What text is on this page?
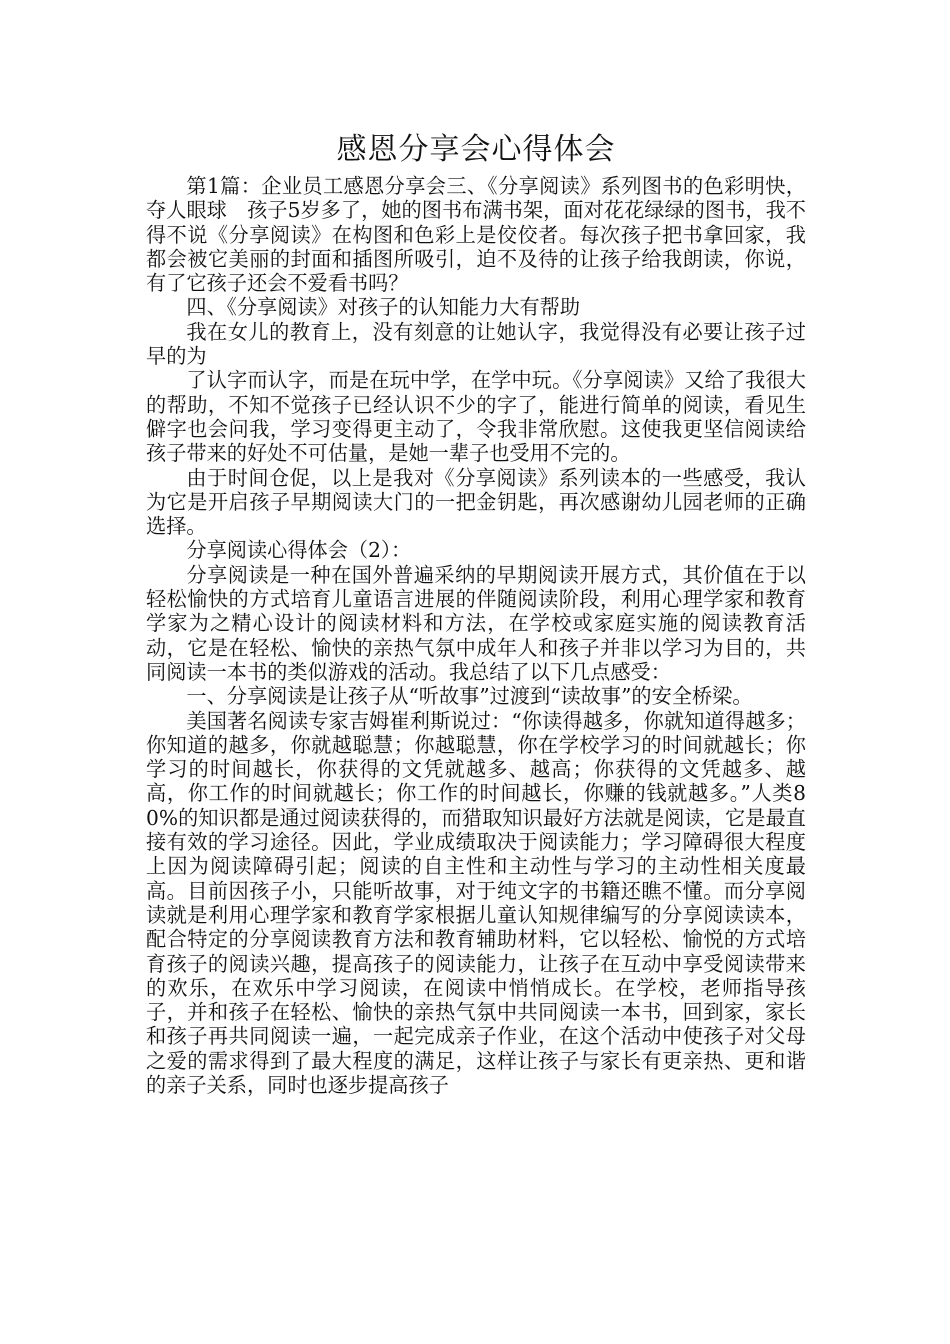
感恩分享会心得体会

第1篇：企业员工感恩分享会三、《分享阅读》系列图书的色彩明快，夺人眼球　孩子5岁多了，她的图书布满书架，面对花花绿绿的图书，我不得不说《分享阅读》在构图和色彩上是佼佼者。每次孩子把书拿回家，我都会被它美丽的封面和插图所吸引，迫不及待的让孩子给我朗读，你说，有了它孩子还会不爱看书吗？

四、《分享阅读》对孩子的认知能力大有帮助

我在女儿的教育上，没有刻意的让她认字，我觉得没有必要让孩子过早的为

了认字而认字，而是在玩中学，在学中玩。《分享阅读》又给了我很大的帮助，不知不觉孩子已经认识不少的字了，能进行简单的阅读，看见生僻字也会问我，学习变得更主动了，令我非常欣慰。这使我更坚信阅读给孩子带来的好处不可估量，是她一辈子也受用不完的。

由于时间仓促，以上是我对《分享阅读》系列读本的一些感受，我认为它是开启孩子早期阅读大门的一把金钥匙，再次感谢幼儿园老师的正确选择。

分享阅读心得体会（2）：

分享阅读是一种在国外普遍采纳的早期阅读开展方式，其价值在于以轻松愉快的方式培育儿童语言进展的伴随阅读阶段，利用心理学家和教育学家为之精心设计的阅读材料和方法，在学校或家庭实施的阅读教育活动，它是在轻松、愉快的亲热气氛中成年人和孩子并非以学习为目的，共同阅读一本书的类似游戏的活动。我总结了以下几点感受：

一、分享阅读是让孩子从“听故事”过渡到“读故事”的安全桥梁。

美国著名阅读专家吉姆崔利斯说过：“你读得越多，你就知道得越多；你知道的越多，你就越聪慧；你越聪慧，你在学校学习的时间就越长；你学习的时间越长，你获得的文凭就越多、越高；你获得的文凭越多、越高，你工作的时间就越长；你工作的时间越长，你赚的钱就越多。”人类80%的知识都是通过阅读获得的，而猎取知识最好方法就是阅读，它是最直接有效的学习途径。因此，学业成绩取决于阅读能力；学习障碍很大程度上因为阅读障碍引起；阅读的自主性和主动性与学习的主动性相关度最高。目前因孩子小，只能听故事，对于纯文字的书籍还瞧不懂。而分享阅读就是利用心理学家和教育学家根据儿童认知规律编写的分享阅读读本，配合特定的分享阅读教育方法和教育辅助材料，它以轻松、愉悦的方式培育孩子的阅读兴趣，提高孩子的阅读能力，让孩子在互动中享受阅读带来的欢乐，在欢乐中学习阅读，在阅读中悄悄成长。在学校，老师指导孩子，并和孩子在轻松、愉快的亲热气氛中共同阅读一本书，回到家，家长和孩子再共同阅读一遍，一起完成亲子作业，在这个活动中使孩子对父母之爱的需求得到了最大程度的满足，这样让孩子与家长有更亲热、更和谐的亲子关系，同时也逐步提高孩子
